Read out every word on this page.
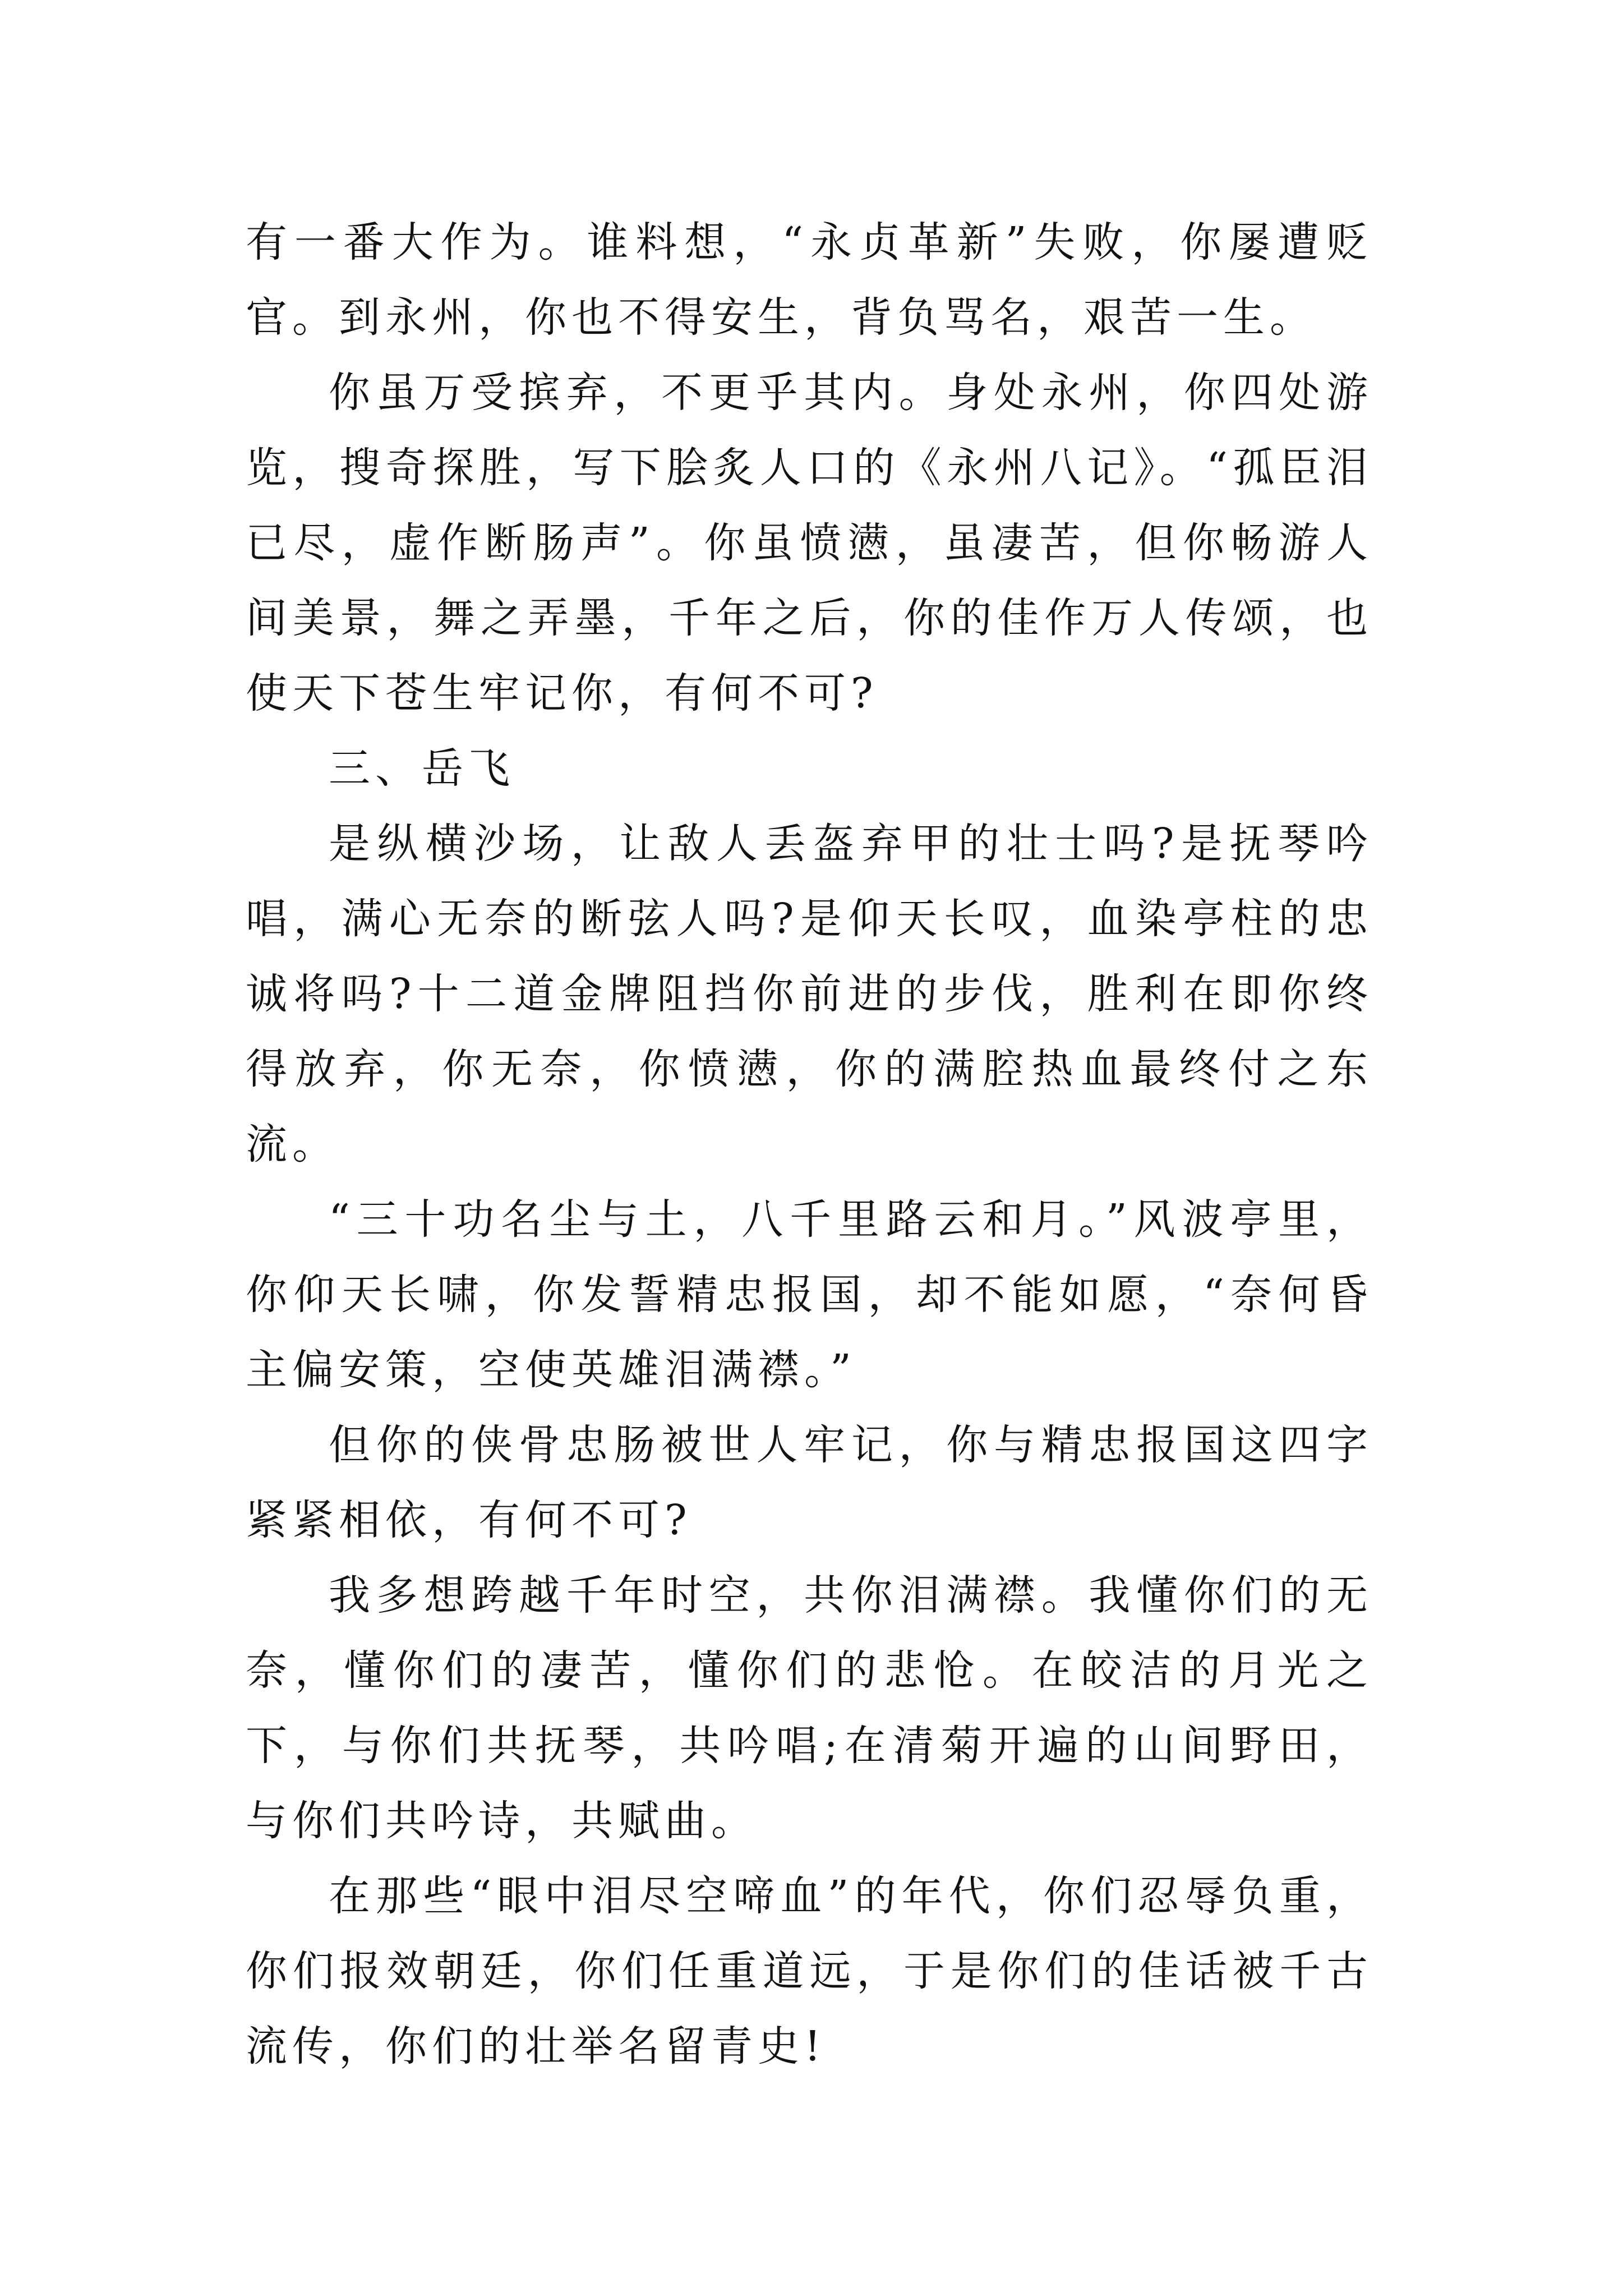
有一番大作为。谁料想，“永贞革新”失败，你屡遭贬官。到永州，你也不得安生，背负骂名，艰苦一生。

你虽万受摈弃，不更乎其内。身处永州，你四处游览，搜奇探胜，写下脍炙人口的《永州八记》。“孤臣泪已尽，虚作断肠声”。你虽愤懑，虽凄苦，但你畅游人间美景，舞之弄墨，千年之后，你的佳作万人传颂，也使天下苍生牢记你，有何不可?

三、岳飞

是纵横沙场，让敌人丢盔弃甲的壮士吗?是抚琴吟唱，满心无奈的断弦人吗?是仰天长叹，血染亭柱的忠诚将吗?十二道金牌阻挡你前进的步伐，胜利在即你终得放弃，你无奈，你愤懑，你的满腔热血最终付之东流。

“三十功名尘与土，八千里路云和月。”风波亭里，你仰天长啸，你发誓精忠报国，却不能如愿，“奈何昏主偏安策，空使英雄泪满襟。”

但你的侠骨忠肠被世人牢记，你与精忠报国这四字紧紧相依，有何不可?

我多想跨越千年时空，共你泪满襟。我懂你们的无奈，懂你们的凄苦，懂你们的悲怆。在皎洁的月光之下，与你们共抚琴，共吟唱;在清菊开遍的山间野田，与你们共吟诗，共赋曲。

在那些“眼中泪尽空啼血”的年代，你们忍辱负重，你们报效朝廷，你们任重道远，于是你们的佳话被千古流传，你们的壮举名留青史!
